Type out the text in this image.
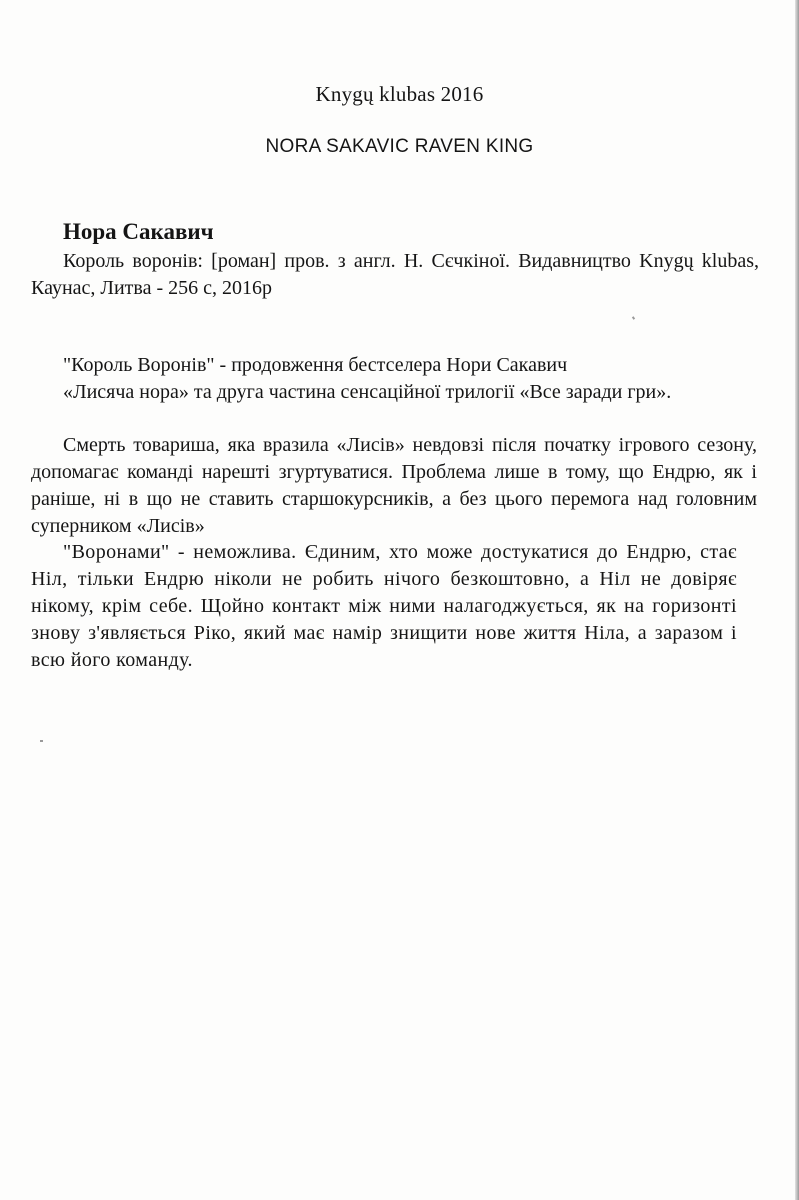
Knygų klubas 2016
NORA SAKAVIC RAVEN KING
Нора Сакавич

Король воронів: [роман] пров. з англ. Н. Сєчкіної. Видавництво Knygų klubas, Каунас, Литва - 256 с, 2016р

"Король Воронів" - продовження бестселера Нори Сакавич

«Лисяча нора» та друга частина сенсаційної трилогії «Все заради гри».

Смерть товариша, яка вразила «Лисів» невдовзі після початку ігрового сезону, допомагає команді нарешті згуртуватися. Проблема лише в тому, що Ендрю, як і раніше, ні в що не ставить старшокурсників, а без цього перемога над головним суперником «Лисів»

"Воронами" - неможлива. Єдиним, хто може достукатися до Ендрю, стає Ніл, тільки Ендрю ніколи не робить нічого безкоштовно, а Ніл не довіряє нікому, крім себе. Щойно контакт між ними налагоджується, як на горизонті знову з'являється Ріко, який має намір знищити нове життя Ніла, а заразом і всю його команду.
